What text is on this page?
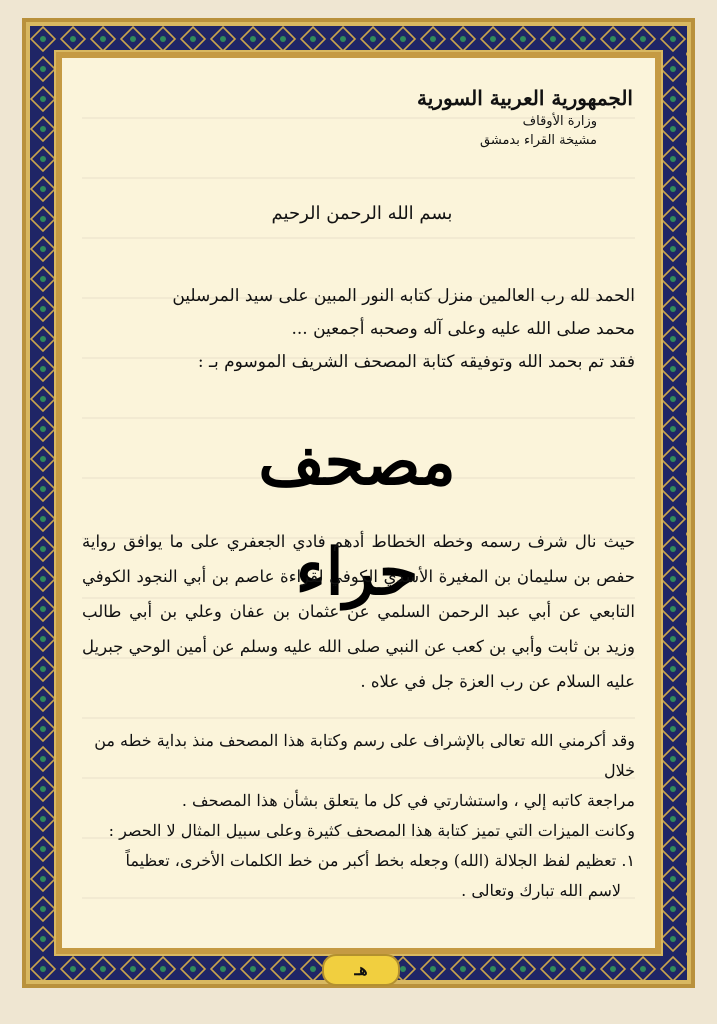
الجمهورية العربية السورية
وزارة الأوقاف
مشيخة القراء بدمشق
بسم الله الرحمن الرحيم

الحمد لله رب العالمين منزل كتابه النور المبين على سيد المرسلين

محمد صلى الله عليه وعلى آله وصحبه أجمعين ...

فقد تم بحمد الله وتوفيقه كتابة المصحف الشريف الموسوم بـ :

مصحف حراء
حيث نال شرف رسمه وخطه الخطاط أدهم فادي الجعفري على ما يوافق رواية حفص بن سليمان بن المغيرة الأسدي الكوفي لقراءة عاصم بن أبي النجود الكوفي التابعي عن أبي عبد الرحمن السلمي عن عثمان بن عفان وعلي بن أبي طالب وزيد بن ثابت وأبي بن كعب عن النبي صلى الله عليه وسلم عن أمين الوحي جبريل عليه السلام عن رب العزة جل في علاه .

وقد أكرمني الله تعالى بالإشراف على رسم وكتابة هذا المصحف منذ بداية خطه من خلال

مراجعة كاتبه إلي ، واستشارتي في كل ما يتعلق بشأن هذا المصحف .

وكانت الميزات التي تميز كتابة هذا المصحف كثيرة وعلى سبيل المثال لا الحصر :

١. تعظيم لفظ الجلالة (الله) وجعله بخط أكبر من خط الكلمات الأخرى، تعظيماً

لاسم الله تبارك وتعالى .

هـ
